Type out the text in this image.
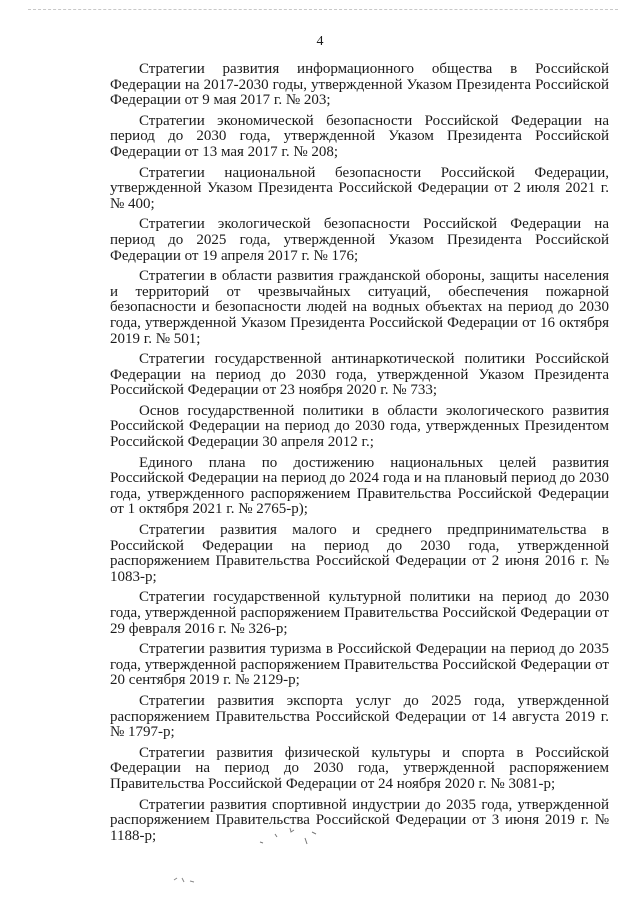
4

Стратегии развития информационного общества в Российской Федерации на 2017-2030 годы, утвержденной Указом Президента Российской Федерации от 9 мая 2017 г. № 203;

Стратегии экономической безопасности Российской Федерации на период до 2030 года, утвержденной Указом Президента Российской Федерации от 13 мая 2017 г. № 208;

Стратегии национальной безопасности Российской Федерации, утвержденной Указом Президента Российской Федерации от 2 июля 2021 г. № 400;

Стратегии экологической безопасности Российской Федерации на период до 2025 года, утвержденной Указом Президента Российской Федерации от 19 апреля 2017 г. № 176;

Стратегии в области развития гражданской обороны, защиты населения и территорий от чрезвычайных ситуаций, обеспечения пожарной безопасности и безопасности людей на водных объектах на период до 2030 года, утвержденной Указом Президента Российской Федерации от 16 октября 2019 г. № 501;

Стратегии государственной антинаркотической политики Российской Федерации на период до 2030 года, утвержденной Указом Президента Российской Федерации от 23 ноября 2020 г. № 733;

Основ государственной политики в области экологического развития Российской Федерации на период до 2030 года, утвержденных Президентом Российской Федерации 30 апреля 2012 г.;

Единого плана по достижению национальных целей развития Российской Федерации на период до 2024 года и на плановый период до 2030 года, утвержденного распоряжением Правительства Российской Федерации от 1 октября 2021 г. № 2765-р);

Стратегии развития малого и среднего предпринимательства в Российской Федерации на период до 2030 года, утвержденной распоряжением Правительства Российской Федерации от 2 июня 2016 г. № 1083-р;

Стратегии государственной культурной политики на период до 2030 года, утвержденной распоряжением Правительства Российской Федерации от 29 февраля 2016 г. № 326-р;

Стратегии развития туризма в Российской Федерации на период до 2035 года, утвержденной распоряжением Правительства Российской Федерации от 20 сентября 2019 г. № 2129-р;

Стратегии развития экспорта услуг до 2025 года, утвержденной распоряжением Правительства Российской Федерации от 14 августа 2019 г. № 1797-р;

Стратегии развития физической культуры и спорта в Российской Федерации на период до 2030 года, утвержденной распоряжением Правительства Российской Федерации от 24 ноября 2020 г. № 3081-р;

Стратегии развития спортивной индустрии до 2035 года, утвержденной распоряжением Правительства Российской Федерации от 3 июня 2019 г. № 1188-р;
